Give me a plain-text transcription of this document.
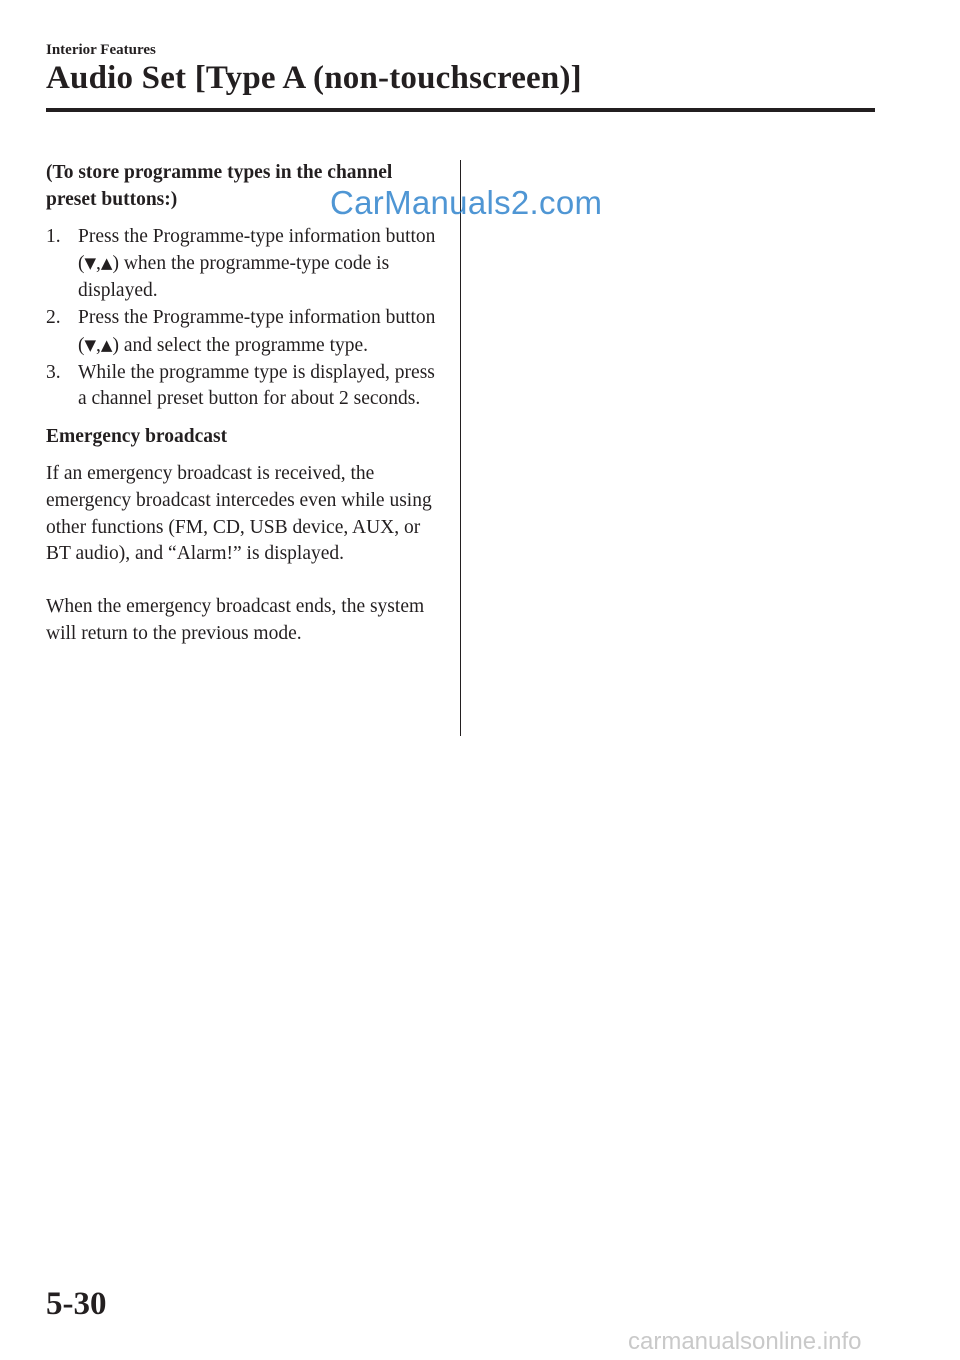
Interior Features
Audio Set [Type A (non-touchscreen)]

(To store programme types in the channel preset buttons:)

1. Press the Programme-type information button (▼,▲) when the programme-type code is displayed.
2. Press the Programme-type information button (▼,▲) and select the programme type.
3. While the programme type is displayed, press a channel preset button for about 2 seconds.

Emergency broadcast

If an emergency broadcast is received, the emergency broadcast intercedes even while using other functions (FM, CD, USB device, AUX, or BT audio), and “Alarm!” is displayed.

When the emergency broadcast ends, the system will return to the previous mode.

CarManuals2.com
5-30
carmanualsonline.info
